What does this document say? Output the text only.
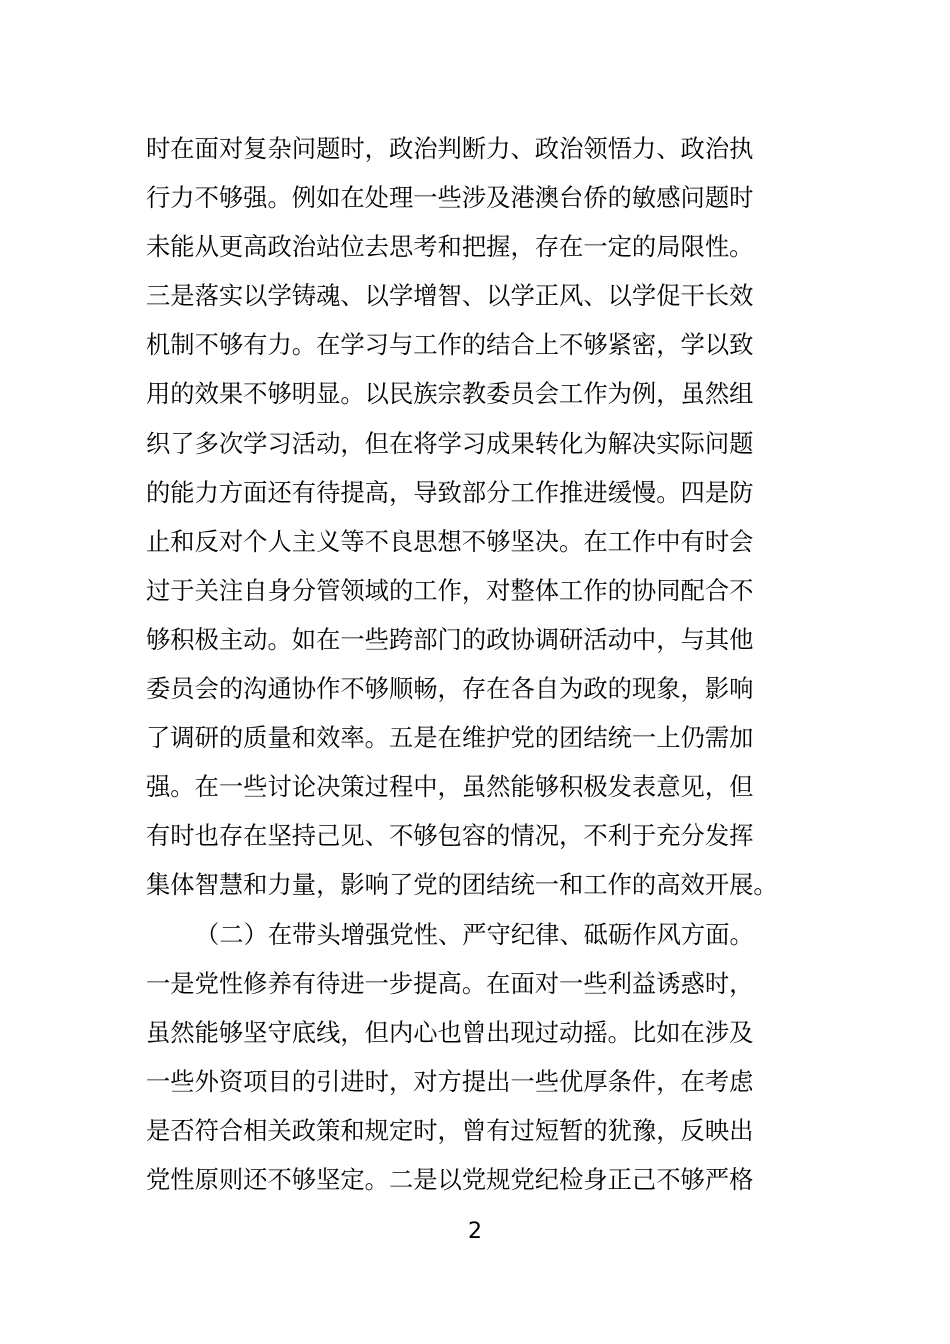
时在面对复杂问题时，政治判断力、政治领悟力、政治执
行力不够强。例如在处理一些涉及港澳台侨的敏感问题时
未能从更高政治站位去思考和把握，存在一定的局限性。
三是落实以学铸魂、以学增智、以学正风、以学促干长效
机制不够有力。在学习与工作的结合上不够紧密，学以致
用的效果不够明显。以民族宗教委员会工作为例，虽然组
织了多次学习活动，但在将学习成果转化为解决实际问题
的能力方面还有待提高，导致部分工作推进缓慢。四是防
止和反对个人主义等不良思想不够坚决。在工作中有时会
过于关注自身分管领域的工作，对整体工作的协同配合不
够积极主动。如在一些跨部门的政协调研活动中，与其他
委员会的沟通协作不够顺畅，存在各自为政的现象，影响
了调研的质量和效率。五是在维护党的团结统一上仍需加
强。在一些讨论决策过程中，虽然能够积极发表意见，但
有时也存在坚持己见、不够包容的情况，不利于充分发挥
集体智慧和力量，影响了党的团结统一和工作的高效开展。
（二）在带头增强党性、严守纪律、砥砺作风方面。
一是党性修养有待进一步提高。在面对一些利益诱惑时，
虽然能够坚守底线，但内心也曾出现过动摇。比如在涉及
一些外资项目的引进时，对方提出一些优厚条件，在考虑
是否符合相关政策和规定时，曾有过短暂的犹豫，反映出
党性原则还不够坚定。二是以党规党纪检身正己不够严格
2
